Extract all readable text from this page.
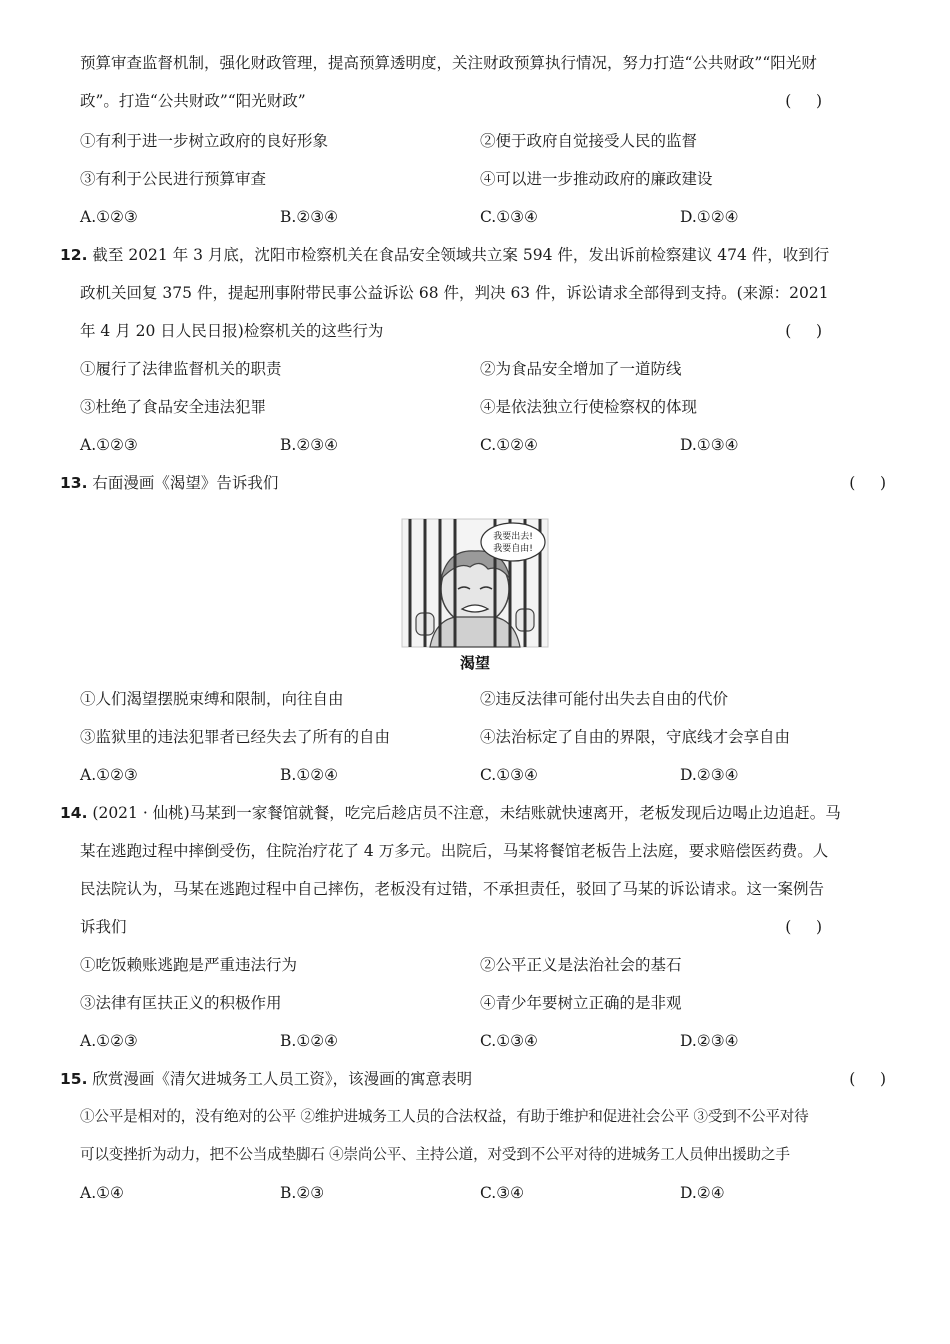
预算审查监督机制，强化财政管理，提高预算透明度，关注财政预算执行情况，努力打造“公共财政”“阳光财
政”。打造“公共财政”“阳光财政”	(     )
①有利于进一步树立政府的良好形象	②便于政府自觉接受人民的监督
③有利于公民进行预算审查	④可以进一步推动政府的廉政建设
A.①②③	B.②③④	C.①③④	D.①②④
12. 截至 2021 年 3 月底，沈阳市检察机关在食品安全领域共立案 594 件，发出诉前检察建议 474 件，收到行
政机关回复 375 件，提起刑事附带民事公益诉讼 68 件，判决 63 件，诉讼请求全部得到支持。(来源：2021
年 4 月 20 日人民日报)检察机关的这些行为	(     )
①履行了法律监督机关的职责	②为食品安全增加了一道防线
③杜绝了食品安全违法犯罪	④是依法独立行使检察权的体现
A.①②③	B.②③④	C.①②④	D.①③④
13. 右面漫画《渴望》告诉我们	(     )
我要出去!
我要自由!
渴望
①人们渴望摆脱束缚和限制，向往自由	②违反法律可能付出失去自由的代价
③监狱里的违法犯罪者已经失去了所有的自由	④法治标定了自由的界限，守底线才会享自由
A.①②③	B.①②④	C.①③④	D.②③④
14. (2021 · 仙桃)马某到一家餐馆就餐，吃完后趁店员不注意，未结账就快速离开，老板发现后边喝止边追赶。马
某在逃跑过程中摔倒受伤，住院治疗花了 4 万多元。出院后，马某将餐馆老板告上法庭，要求赔偿医药费。人
民法院认为，马某在逃跑过程中自己摔伤，老板没有过错，不承担责任，驳回了马某的诉讼请求。这一案例告
诉我们	(     )
①吃饭赖账逃跑是严重违法行为	②公平正义是法治社会的基石
③法律有匡扶正义的积极作用	④青少年要树立正确的是非观
A.①②③	B.①②④	C.①③④	D.②③④
15. 欣赏漫画《清欠进城务工人员工资》，该漫画的寓意表明	(     )
①公平是相对的，没有绝对的公平 ②维护进城务工人员的合法权益，有助于维护和促进社会公平 ③受到不公平对待
可以变挫折为动力，把不公当成垫脚石 ④崇尚公平、主持公道，对受到不公平对待的进城务工人员伸出援助之手
A.①④	B.②③	C.③④	D.②④
